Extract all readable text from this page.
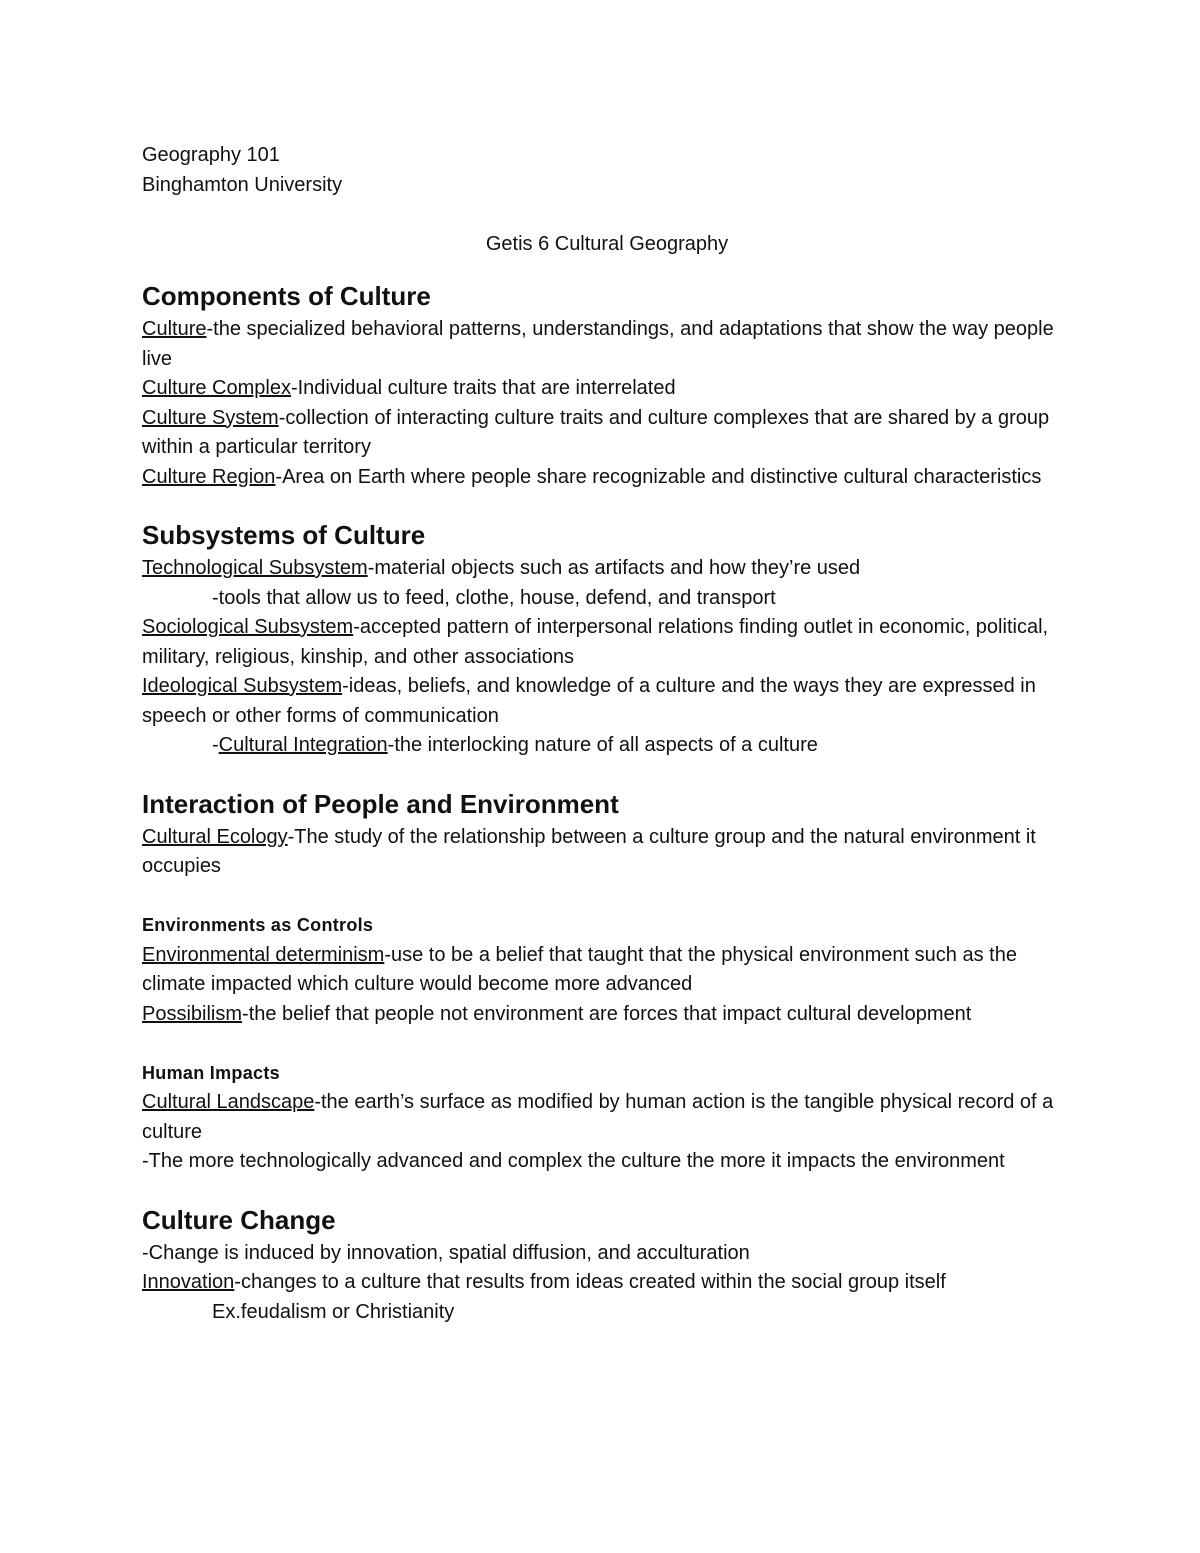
Geography 101

Binghamton University

Getis 6 Cultural Geography

Components of Culture

Culture-the specialized behavioral patterns, understandings, and adaptations that show the way people live

Culture Complex-Individual culture traits that are interrelated

Culture System-collection of interacting culture traits and culture complexes that are shared by a group within a particular territory

Culture Region-Area on Earth where people share recognizable and distinctive cultural characteristics

Subsystems of Culture

Technological Subsystem-material objects such as artifacts and how they’re used

-tools that allow us to feed, clothe, house, defend, and transport

Sociological Subsystem-accepted pattern of interpersonal relations finding outlet in economic, political, military, religious, kinship, and other associations

Ideological Subsystem-ideas, beliefs, and knowledge of a culture and the ways they are expressed in speech or other forms of communication

-Cultural Integration-the interlocking nature of all aspects of a culture

Interaction of People and Environment

Cultural Ecology-The study of the relationship between a culture group and the natural environment it occupies

Environments as Controls

Environmental determinism-use to be a belief that taught that the physical environment such as the climate impacted which culture would become more advanced

Possibilism-the belief that people not environment are forces that impact cultural development

Human Impacts

Cultural Landscape-the earth’s surface as modified by human action is the tangible physical record of a culture

-The more technologically advanced and complex the culture the more it impacts the environment

Culture Change

-Change is induced by innovation, spatial diffusion, and acculturation

Innovation-changes to a culture that results from ideas created within the social group itself

Ex.feudalism or Christianity
